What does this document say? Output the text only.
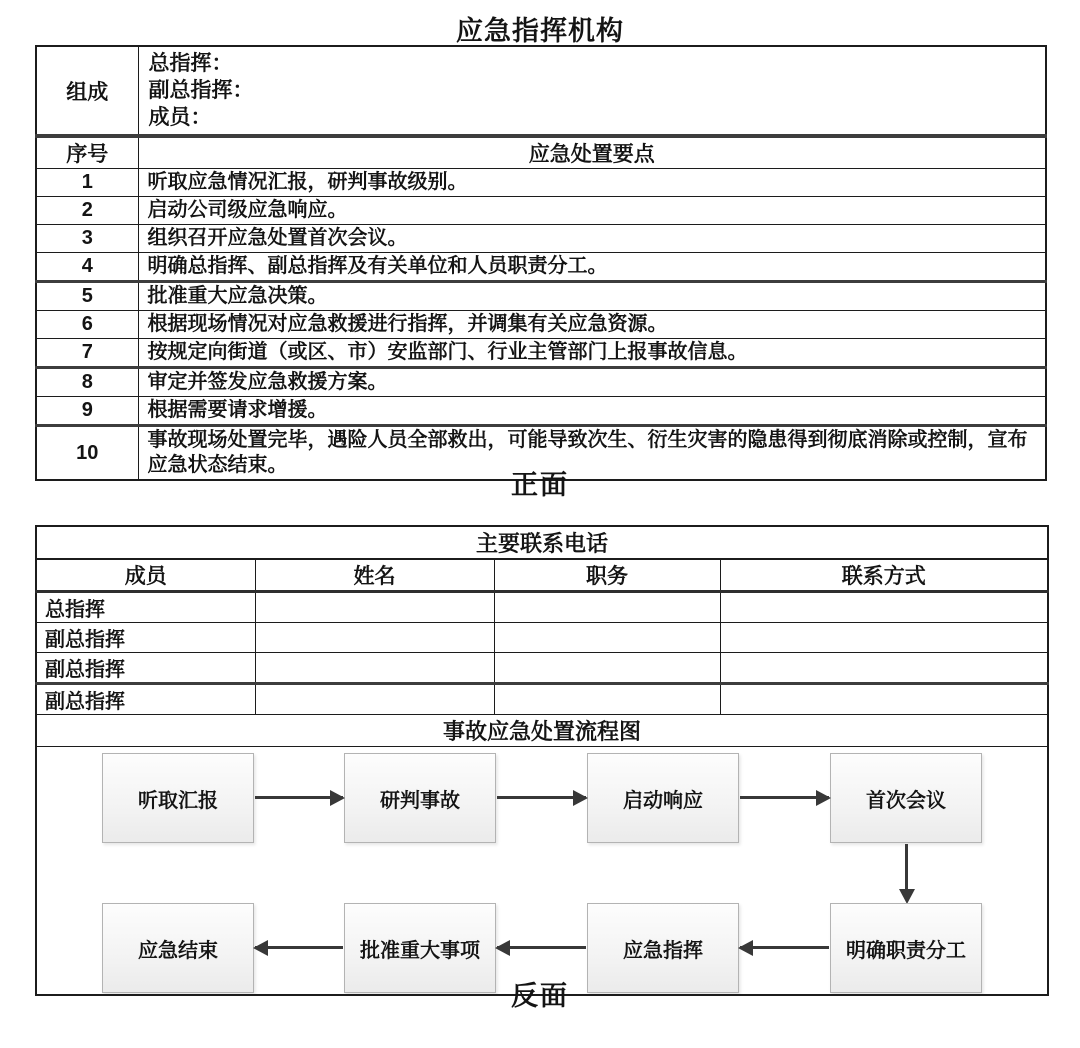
应急指挥机构
组成	总指挥：
副总指挥：
成员：

序号	应急处置要点
1	听取应急情况汇报，研判事故级别。
2	启动公司级应急响应。
3	组织召开应急处置首次会议。
4	明确总指挥、副总指挥及有关单位和人员职责分工。
5	批准重大应急决策。
6	根据现场情况对应急救援进行指挥，并调集有关应急资源。
7	按规定向街道（或区、市）安监部门、行业主管部门上报事故信息。
8	审定并签发应急救援方案。
9	根据需要请求增援。
10	事故现场处置完毕，遇险人员全部救出，可能导致次生、衍生灾害的隐患得到彻底消除或控制，宣布应急状态结束。
正面
主要联系电话			
成员	姓名	职务	联系方式
总指挥			
副总指挥			
副总指挥			
副总指挥			
事故应急处置流程图			

听取汇报	研判事故	启动响应	首次会议
应急结束	批准重大事项	应急指挥	明确职责分工
反面
